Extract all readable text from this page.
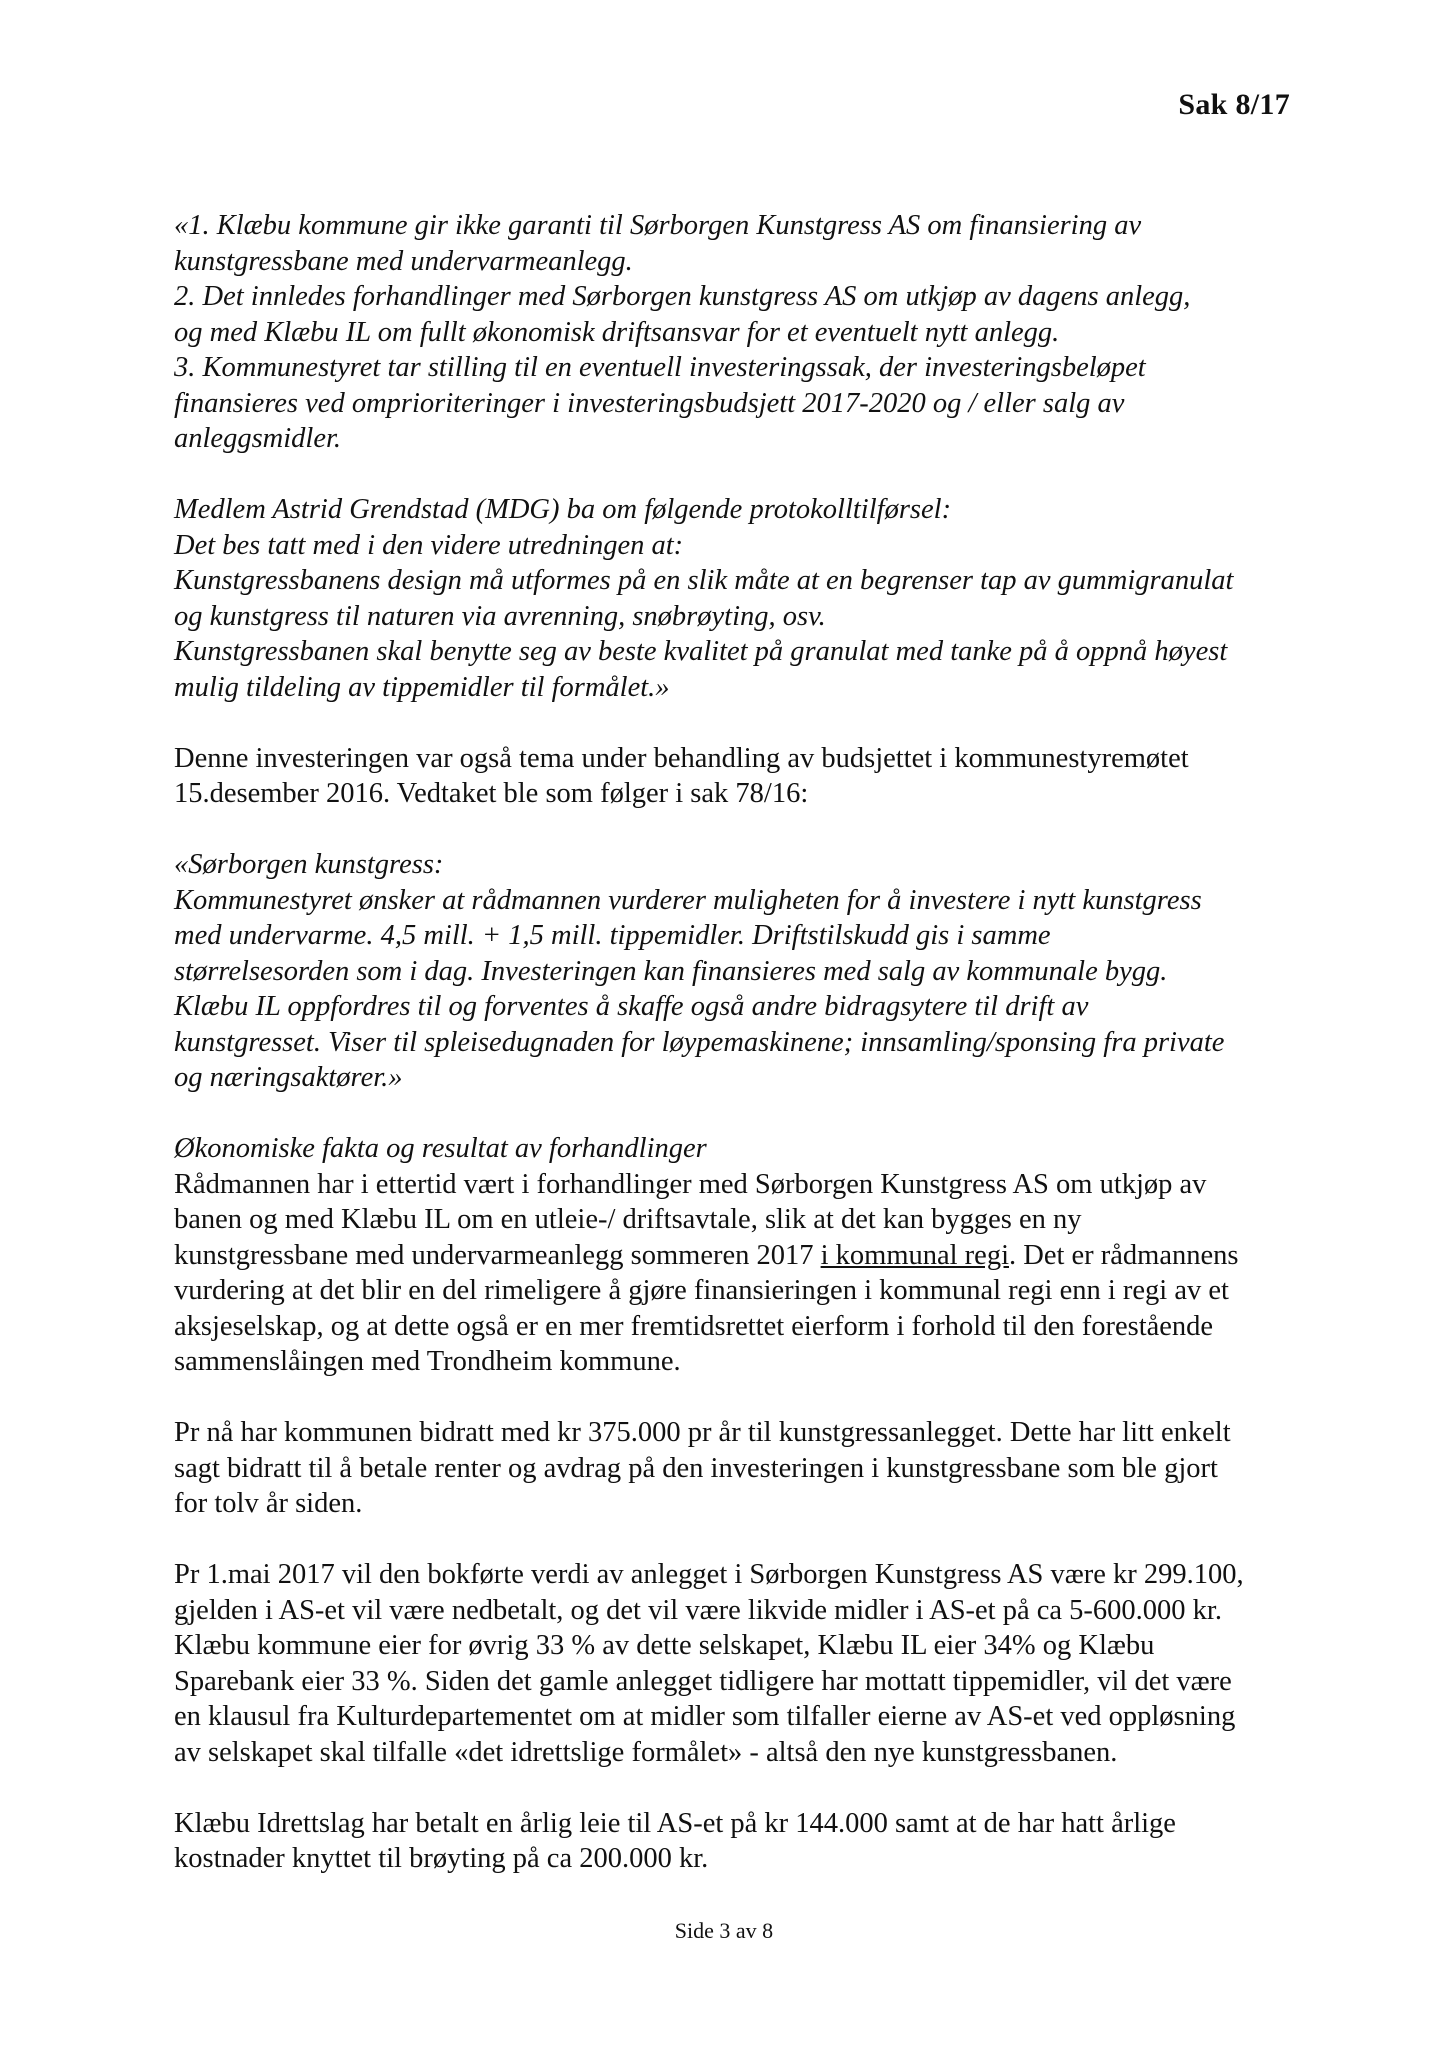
Sak 8/17
«1. Klæbu kommune gir ikke garanti til Sørborgen Kunstgress AS om finansiering av
kunstgressbane med undervarmeanlegg.
2. Det innledes forhandlinger med Sørborgen kunstgress AS om utkjøp av dagens anlegg,
og med Klæbu IL om fullt økonomisk driftsansvar for et eventuelt nytt anlegg.
3. Kommunestyret tar stilling til en eventuell investeringssak, der investeringsbeløpet
finansieres ved omprioriteringer i investeringsbudsjett 2017-2020 og / eller salg av
anleggsmidler.
Medlem Astrid Grendstad (MDG) ba om følgende protokolltilførsel:
Det bes tatt med i den videre utredningen at:
Kunstgressbanens design må utformes på en slik måte at en begrenser tap av gummigranulat
og kunstgress til naturen via avrenning, snøbrøyting, osv.
Kunstgressbanen skal benytte seg av beste kvalitet på granulat med tanke på å oppnå høyest
mulig tildeling av tippemidler til formålet.»
Denne investeringen var også tema under behandling av budsjettet i kommunestyremøtet
15.desember 2016. Vedtaket ble som følger i sak 78/16:
«Sørborgen kunstgress:
Kommunestyret ønsker at rådmannen vurderer muligheten for å investere i nytt kunstgress
med undervarme. 4,5 mill. + 1,5 mill. tippemidler. Driftstilskudd gis i samme
størrelsesorden som i dag. Investeringen kan finansieres med salg av kommunale bygg.
Klæbu IL oppfordres til og forventes å skaffe også andre bidragsytere til drift av
kunstgresset. Viser til spleisedugnaden for løypemaskinene; innsamling/sponsing fra private
og næringsaktører.»
Økonomiske fakta og resultat av forhandlinger
Rådmannen har i ettertid vært i forhandlinger med Sørborgen Kunstgress AS om utkjøp av
banen og med Klæbu IL om en utleie-/ driftsavtale, slik at det kan bygges en ny
kunstgressbane med undervarmeanlegg sommeren 2017 i kommunal regi. Det er rådmannens
vurdering at det blir en del rimeligere å gjøre finansieringen i kommunal regi enn i regi av et
aksjeselskap, og at dette også er en mer fremtidsrettet eierform i forhold til den forestående
sammenslåingen med Trondheim kommune.
Pr nå har kommunen bidratt med kr 375.000 pr år til kunstgressanlegget. Dette har litt enkelt
sagt bidratt til å betale renter og avdrag på den investeringen i kunstgressbane som ble gjort
for tolv år siden.
Pr 1.mai 2017 vil den bokførte verdi av anlegget i Sørborgen Kunstgress AS være kr 299.100,
gjelden i AS-et vil være nedbetalt, og det vil være likvide midler i AS-et på ca 5-600.000 kr.
Klæbu kommune eier for øvrig 33 % av dette selskapet, Klæbu IL eier 34% og Klæbu
Sparebank eier 33 %. Siden det gamle anlegget tidligere har mottatt tippemidler, vil det være
en klausul fra Kulturdepartementet om at midler som tilfaller eierne av AS-et ved oppløsning
av selskapet skal tilfalle «det idrettslige formålet» - altså den nye kunstgressbanen.
Klæbu Idrettslag har betalt en årlig leie til AS-et på kr 144.000 samt at de har hatt årlige
kostnader knyttet til brøyting på ca 200.000 kr.
Side 3 av 8
